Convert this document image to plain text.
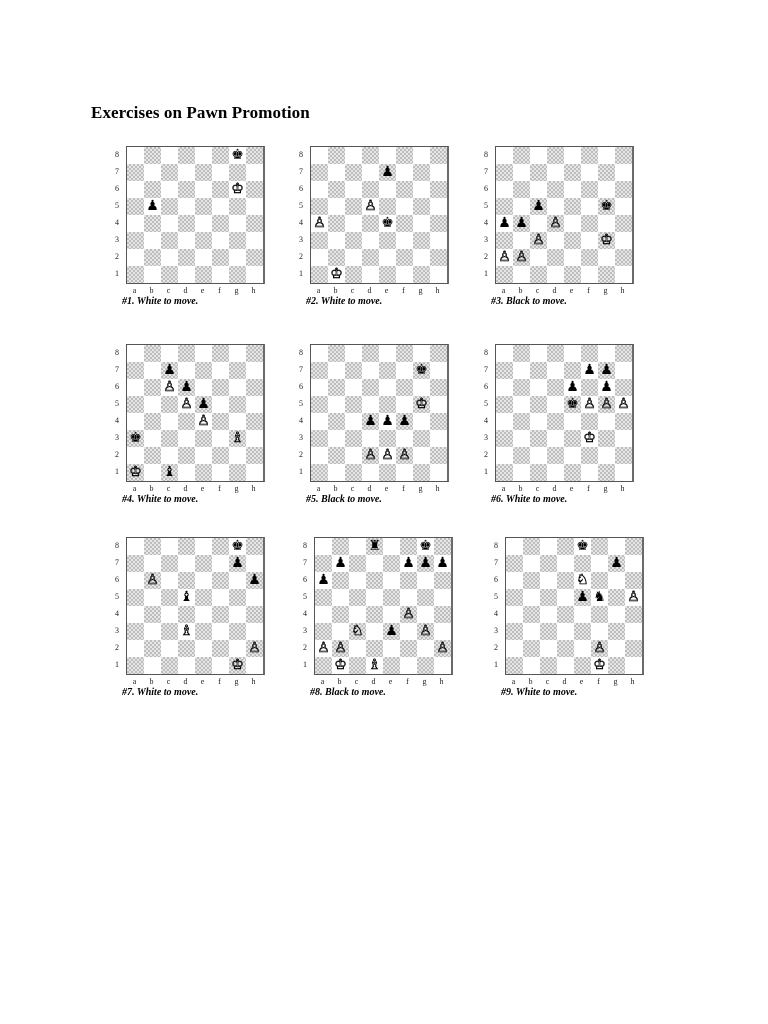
Exercises on Pawn Promotion
8
7
6
5
4
3
2
1
♚
♔
♟
a	b	c	d	e	f	g	h
#1. White to move.
8
7
6
5
4
3
2
1
♟
♙
♙	♚
♔
a	b	c	d	e	f	g	h
#2. White to move.
8
7
6
5
4
3
2
1
♟	♚
♟ ♟ ♙
♙	♔
♙ ♙
a	b	c	d	e	f	g	h
#3. Black to move.
8
7
6
5
4
3
2
1
♟
♙ ♟
♙ ♟
♙
♚	♗
♔ ♝
a	b	c	d	e	f	g	h
#4. White to move.
8
7
6
5
4
3
2
1
♚
♔
♟ ♟ ♟
♙ ♙ ♙
a	b	c	d	e	f	g	h
#5. Black to move.
8
7
6
5
4
3
2
1
♟ ♟
♟ ♟
♚ ♙ ♙ ♙
♔
a	b	c	d	e	f	g	h
#6. White to move.
8
7
6
5
4
3
2
1
♚
♟
♙	♟
♝
♗
♙
♔
a	b	c	d	e	f	g	h
#7. White to move.
8
7
6
5
4
3
2
1
♜	♚
♟	♟ ♟ ♟
♟
♙
♘ ♟ ♙
♙ ♙	♙
♔ ♗
a	b	c	d	e	f	g	h
#8. Black to move.
8
7
6
5
4
3
2
1
♚
♟
♘
♟ ♞ ♙
♙
♔
a	b	c	d	e	f	g	h
#9. White to move.
